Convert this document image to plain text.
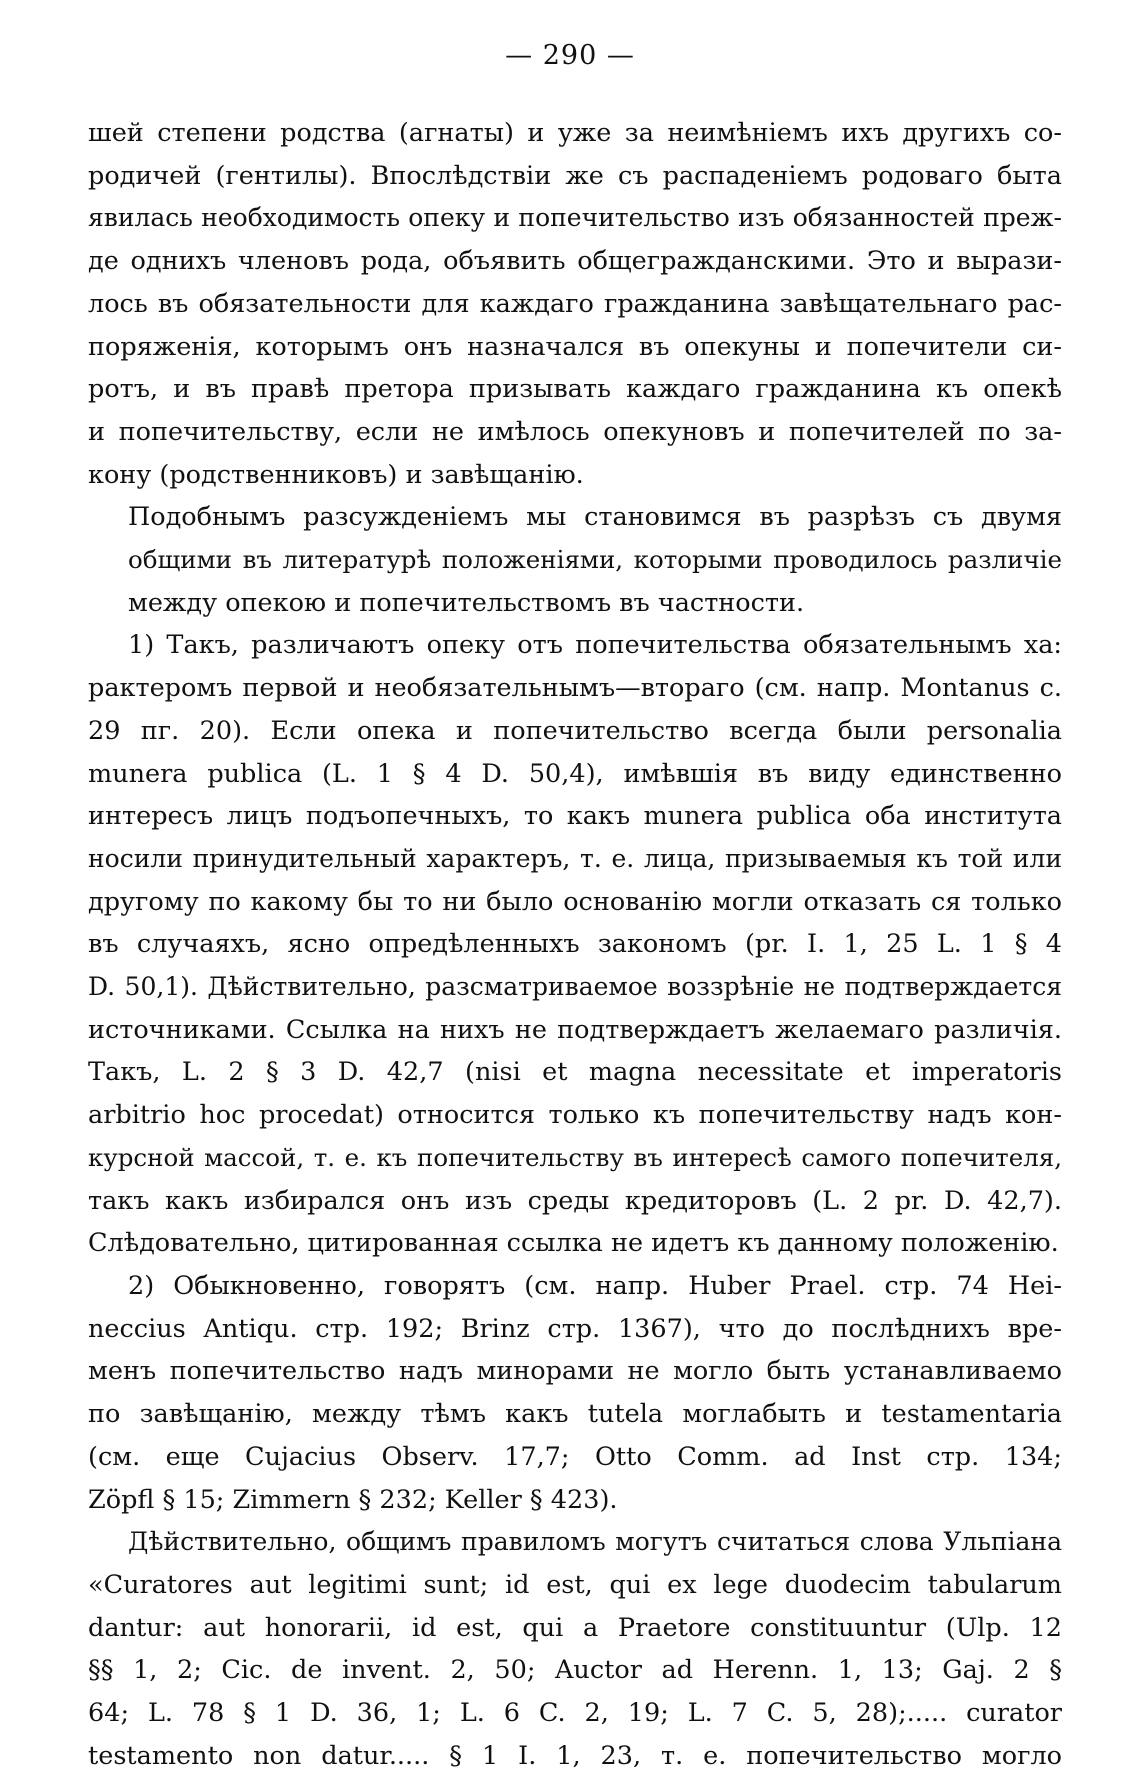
— 290 —

шей степени родства (агнаты) и уже за неимѣніемъ ихъ другихъ со-
родичей (гентилы). Впослѣдствіи же съ распаденіемъ родоваго быта
явилась необходимость опеку и попечительство изъ обязанностей преж-
де однихъ членовъ рода, объявить общегражданскими. Это и вырази-
лось въ обязательности для каждаго гражданина завѣщательнаго рас-
поряженія, которымъ онъ назначался въ опекуны и попечители си-
ротъ, и въ правѣ претора призывать каждаго гражданина къ опекѣ
и попечительству, если не имѣлось опекуновъ и попечителей по за-
кону (родственниковъ) и завѣщанію.

Подобнымъ разсужденіемъ мы становимся въ разрѣзъ съ двумя
общими въ литературѣ положеніями, которыми проводилось различіе
между опекою и попечительствомъ въ частности.

1) Такъ, различаютъ опеку отъ попечительства обязательнымъ ха:
рактеромъ первой и необязательнымъ—втораго (см. напр. Montanus с.
29 пг. 20). Если опека и попечительство всегда были personalia
munera publica (L. 1 § 4 D. 50,4), имѣвшія въ виду единственно
интересъ лицъ подъопечныхъ, то какъ munera publica оба института
носили принудительный характеръ, т. е. лица, призываемыя къ той или
другому по какому бы то ни было основанію могли отказать ся только
въ случаяхъ, ясно опредѣленныхъ закономъ (pr. I. 1, 25 L. 1 § 4
D. 50,1). Дѣйствительно, разсматриваемое воззрѣніе не подтверждается
источниками. Ссылка на нихъ не подтверждаетъ желаемаго различія.
Такъ, L. 2 § 3 D. 42,7 (nisi et magna necessitate et imperatoris
arbitrio hoc procedat) относится только къ попечительству надъ кон-
курсной массой, т. е. къ попечительству въ интересѣ самого попечителя,
такъ какъ избирался онъ изъ среды кредиторовъ (L. 2 pr. D. 42,7).
Слѣдовательно, цитированная ссылка не идетъ къ данному положенію.

2) Обыкновенно, говорятъ (см. напр. Huber Prael. стр. 74 Hei-
neccius Antiqu. стр. 192; Brinz стр. 1367), что до послѣднихъ вре-
менъ попечительство надъ минорами не могло быть устанавливаемо
по завѣщанію, между тѣмъ какъ tutela моглабыть и testamentaria
(см. еще Cujacius Observ. 17,7; Otto Comm. ad Inst стр. 134;
Zöpfl § 15; Zimmern § 232; Keller § 423).

Дѣйствительно, общимъ правиломъ могутъ считаться слова Ульпіана
«Curatores aut legitimi sunt; id est, qui ex lege duodecim tabularum
dantur: aut honorarii, id est, qui a Praetore constituuntur (Ulp. 12
§§ 1, 2; Cic. de invent. 2, 50; Auctor ad Herenn. 1, 13; Gaj. 2 §
64; L. 78 § 1 D. 36, 1; L. 6 C. 2, 19; L. 7 C. 5, 28);..... curator
testamento non datur..... § 1 I. 1, 23, т. е. попечительство могло
